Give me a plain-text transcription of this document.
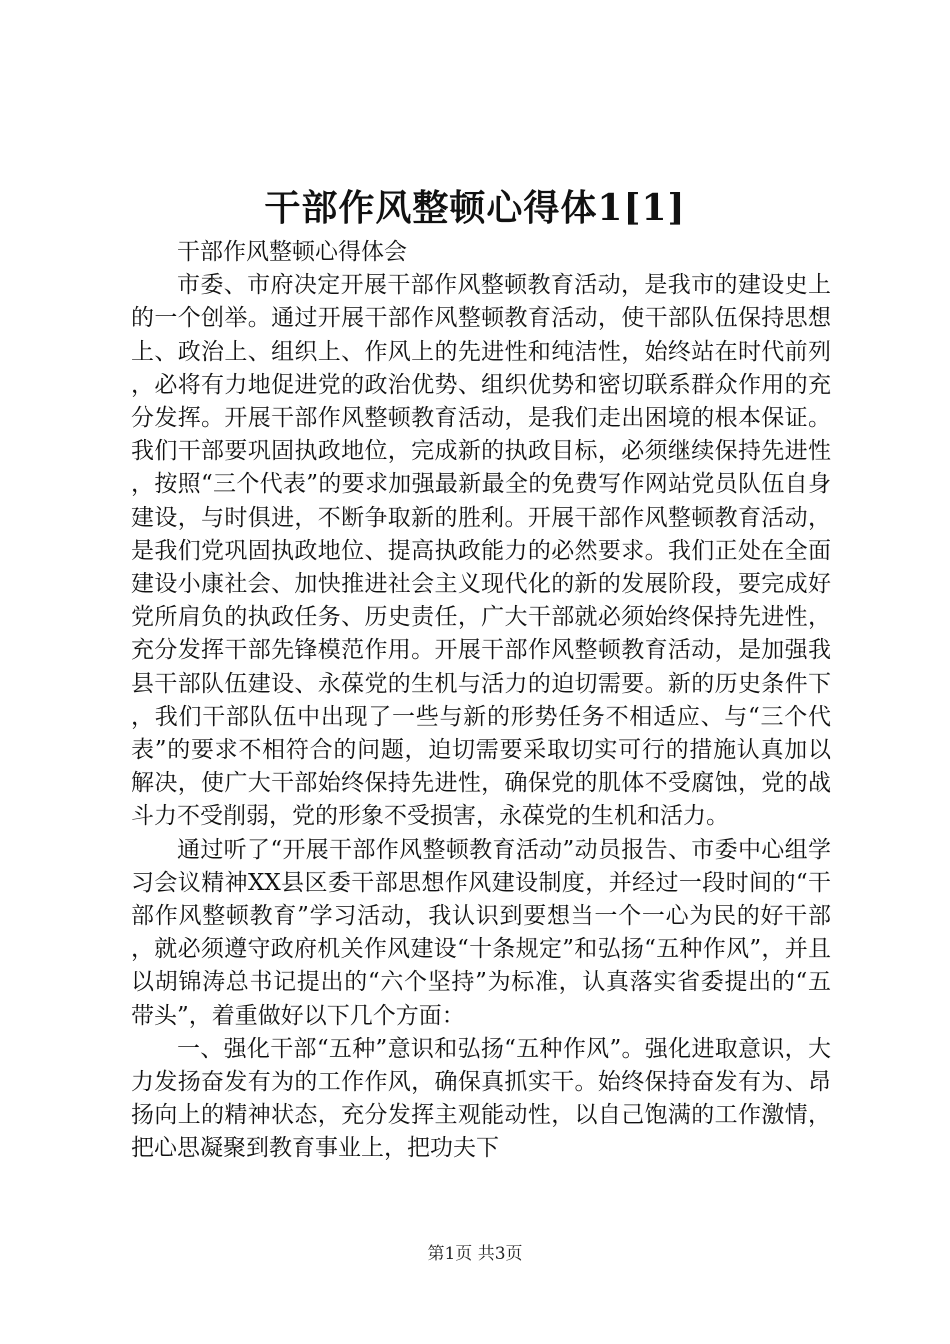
干部作风整顿心得体1[1]

干部作风整顿心得体会

市委、市府决定开展干部作风整顿教育活动，是我市的建设史上的一个创举。通过开展干部作风整顿教育活动，使干部队伍保持思想上、政治上、组织上、作风上的先进性和纯洁性，始终站在时代前列，必将有力地促进党的政治优势、组织优势和密切联系群众作用的充分发挥。开展干部作风整顿教育活动，是我们走出困境的根本保证。我们干部要巩固执政地位，完成新的执政目标，必须继续保持先进性，按照“三个代表”的要求加强最新最全的免费写作网站党员队伍自身建设，与时俱进，不断争取新的胜利。开展干部作风整顿教育活动，是我们党巩固执政地位、提高执政能力的必然要求。我们正处在全面建设小康社会、加快推进社会主义现代化的新的发展阶段，要完成好党所肩负的执政任务、历史责任，广大干部就必须始终保持先进性，充分发挥干部先锋模范作用。开展干部作风整顿教育活动，是加强我县干部队伍建设、永葆党的生机与活力的迫切需要。新的历史条件下，我们干部队伍中出现了一些与新的形势任务不相适应、与“三个代表”的要求不相符合的问题，迫切需要采取切实可行的措施认真加以解决，使广大干部始终保持先进性，确保党的肌体不受腐蚀，党的战斗力不受削弱，党的形象不受损害，永葆党的生机和活力。

通过听了“开展干部作风整顿教育活动”动员报告、市委中心组学习会议精神XX县区委干部思想作风建设制度，并经过一段时间的“干部作风整顿教育”学习活动，我认识到要想当一个一心为民的好干部，就必须遵守政府机关作风建设“十条规定”和弘扬“五种作风”，并且以胡锦涛总书记提出的“六个坚持”为标准，认真落实省委提出的“五带头”，着重做好以下几个方面：

一、强化干部“五种”意识和弘扬“五种作风”。强化进取意识，大力发扬奋发有为的工作作风，确保真抓实干。始终保持奋发有为、昂扬向上的精神状态，充分发挥主观能动性，以自己饱满的工作激情，把心思凝聚到教育事业上，把功夫下

第1页 共3页
